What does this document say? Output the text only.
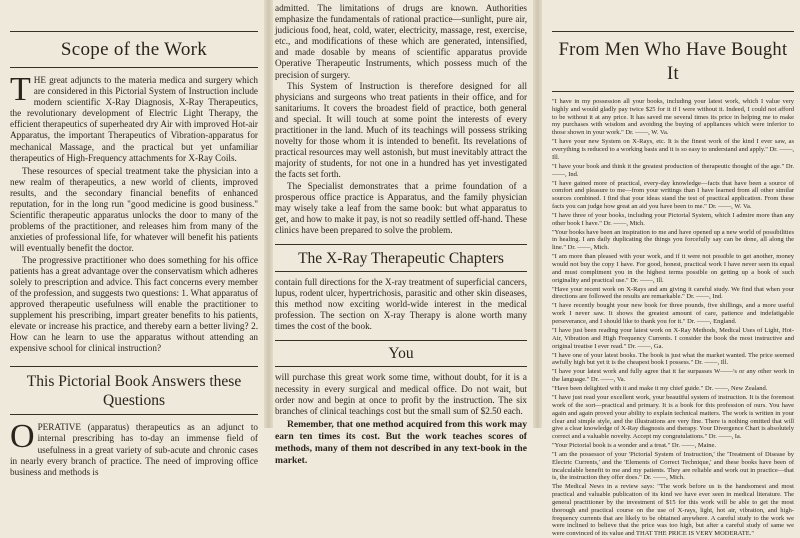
Scope of the Work

THE great adjuncts to the materia medica and surgery which are considered in this Pictorial System of Instruction include modern scientific X-Ray Diagnosis, X-Ray Therapeutics, the revolutionary development of Electric Light Therapy, the efficient therapeutics of superheated dry Air with improved Hot-air Apparatus, the important Therapeutics of Vibration-apparatus for mechanical Massage, and the practical but yet unfamiliar therapeutics of High-Frequency attachments for X-Ray Coils.

These resources of special treatment take the physician into a new realm of therapeutics, a new world of clients, improved results, and the secondary financial benefits of enhanced reputation, for in the long run "good medicine is good business." Scientific therapeutic apparatus unlocks the door to many of the problems of the practitioner, and releases him from many of the anxieties of professional life, for whatever will benefit his patients will eventually benefit the doctor.

The progressive practitioner who does something for his office patients has a great advantage over the conservatism which adheres solely to prescription and advice. This fact concerns every member of the profession, and suggests two questions: 1. What apparatus of approved therapeutic usefulness will enable the practitioner to supplement his prescribing, impart greater benefits to his patients, elevate or increase his practice, and thereby earn a better living? 2. How can he learn to use the apparatus without attending an expensive school for clinical instruction?

This Pictorial Book Answers these
Questions

OPERATIVE (apparatus) therapeutics as an adjunct to internal prescribing has to-day an immense field of usefulness in a great variety of sub-acute and chronic cases in nearly every branch of practice. The need of improving office business and methods is

admitted. The limitations of drugs are known. Authorities emphasize the fundamentals of rational practice—sunlight, pure air, judicious food, heat, cold, water, electricity, massage, rest, exercise, etc., and modifications of these which are generated, intensified, and made dosable by means of scientific apparatus provide Operative Therapeutic Instruments, which possess much of the precision of surgery.

This System of Instruction is therefore designed for all physicians and surgeons who treat patients in their office, and for sanitariums. It covers the broadest field of practice, both general and special. It will touch at some point the interests of every practitioner in the land. Much of its teachings will possess striking novelty for those whom it is intended to benefit. Its revelations of practical resources may well astonish, but must inevitably attract the majority of students, for not one in a hundred has yet investigated the facts set forth.

The Specialist demonstrates that a prime foundation of a prosperous office practice is Apparatus, and the family physician may wisely take a leaf from the same book: but what apparatus to get, and how to make it pay, is not so readily settled off-hand. These clinics have been prepared to solve the problem.

The X-Ray Therapeutic Chapters

contain full directions for the X-ray treatment of superficial cancers, lupus, rodent ulcer, hypertrichosis, parasitic and other skin diseases, this method now exciting world-wide interest in the medical profession. The section on X-ray Therapy is alone worth many times the cost of the book.

You

will purchase this great work some time, without doubt, for it is a necessity in every surgical and medical office. Do not wait, but order now and begin at once to profit by the instruction. The six branches of clinical teachings cost but the small sum of $2.50 each.

Remember, that one method acquired from this work may earn ten times its cost. But the work teaches scores of methods, many of them not described in any text-book in the market.

From Men Who Have Bought It

"I have in my possession all your books, including your latest work, which I value very highly and would gladly pay twice $25 for it if I were without it. Indeed, I could not afford to be without it at any price. It has saved me several times its price in helping me to make my purchases with wisdom and avoiding the buying of appliances which were inferior to those shown in your work." Dr. ——, W. Va.

"I have your new System on X-Rays, etc. It is the finest work of the kind I ever saw, as everything is reduced to a working basis and it is so easy to understand and apply." Dr. ——, Ill.

"I have your book and think it the greatest production of therapeutic thought of the age." Dr. ——, Ind.

"I have gained more of practical, every-day knowledge—facts that have been a source of comfort and pleasure to me—from your writings than I have learned from all other similar sources combined. I find that your ideas stand the test of practical application. From these facts you can judge how great an aid you have been to me." Dr. ——, W. Va.

"I have three of your books, including your Pictorial System, which I admire more than any other book I have." Dr. ——, Mich.

"Your books have been an inspiration to me and have opened up a new world of possibilities in healing. I am daily duplicating the things you forcefully say can be done, all along the line." Dr. ——, Mich.

"I am more than pleased with your work, and if it were not possible to get another, money would not buy the copy I have. For good, honest, practical work I have never seen its equal and must compliment you in the highest terms possible on getting up a book of such originality and practical use." Dr. ——, Ill.

"Have your recent work on X-Rays and am giving it careful study. We find that when your directions are followed the results are remarkable." Dr. ——, Ind.

"I have recently bought your new book for three pounds, five shillings, and a more useful work I never saw. It shows the greatest amount of care, patience and indefatigable perseverance, and I should like to thank you for it." Dr. ——, England.

"I have just been reading your latest work on X-Ray Methods, Medical Uses of Light, Hot-Air, Vibration and High Frequency Currents. I consider the book the most instructive and original treatise I ever read." Dr. ——, Ga.

"I have one of your latest books. The book is just what the market wanted. The price seemed awfully high but yet it is the cheapest book I possess." Dr. ——, Ill.

"I have your latest work and fully agree that it far surpasses W——'s or any other work in the language." Dr. ——, Va.

"Have been delighted with it and make it my chief guide." Dr. ——, New Zealand.

"I have just read your excellent work, your beautiful system of instruction. It is the foremost work of the sort—practical and primary. It is a book for this profession of ours. You have again and again proved your ability to explain technical matters. The work is written in your clear and simple style, and the illustrations are very fine. There is nothing omitted that will give a clear knowledge of X-Ray diagnosis and therapy. Your Divergence Chart is absolutely correct and a valuable novelty. Accept my congratulations." Dr. ——, Ia.

"Your Pictorial book is a wonder and a treat." Dr. ——, Maine.

"I am the possessor of your 'Pictorial System of Instruction,' the 'Treatment of Disease by Electric Currents,' and the 'Elements of Correct Technique,' and these books have been of incalculable benefit to me and my patients. They are reliable and work out in practice—that is, the instruction they offer does." Dr. ——, Mich.

The Medical News in a review says: "The work before us is the handsomest and most practical and valuable publication of its kind we have ever seen in medical literature. The general practitioner by the investment of $15 for this work will be able to get the most thorough and practical course on the use of X-rays, light, hot air, vibration, and high-frequency currents that are likely to be obtained anywhere. A careful study to the work we were inclined to believe that the price was too high, but after a careful study of same we were convinced of its value and THAT THE PRICE IS VERY MODERATE."
